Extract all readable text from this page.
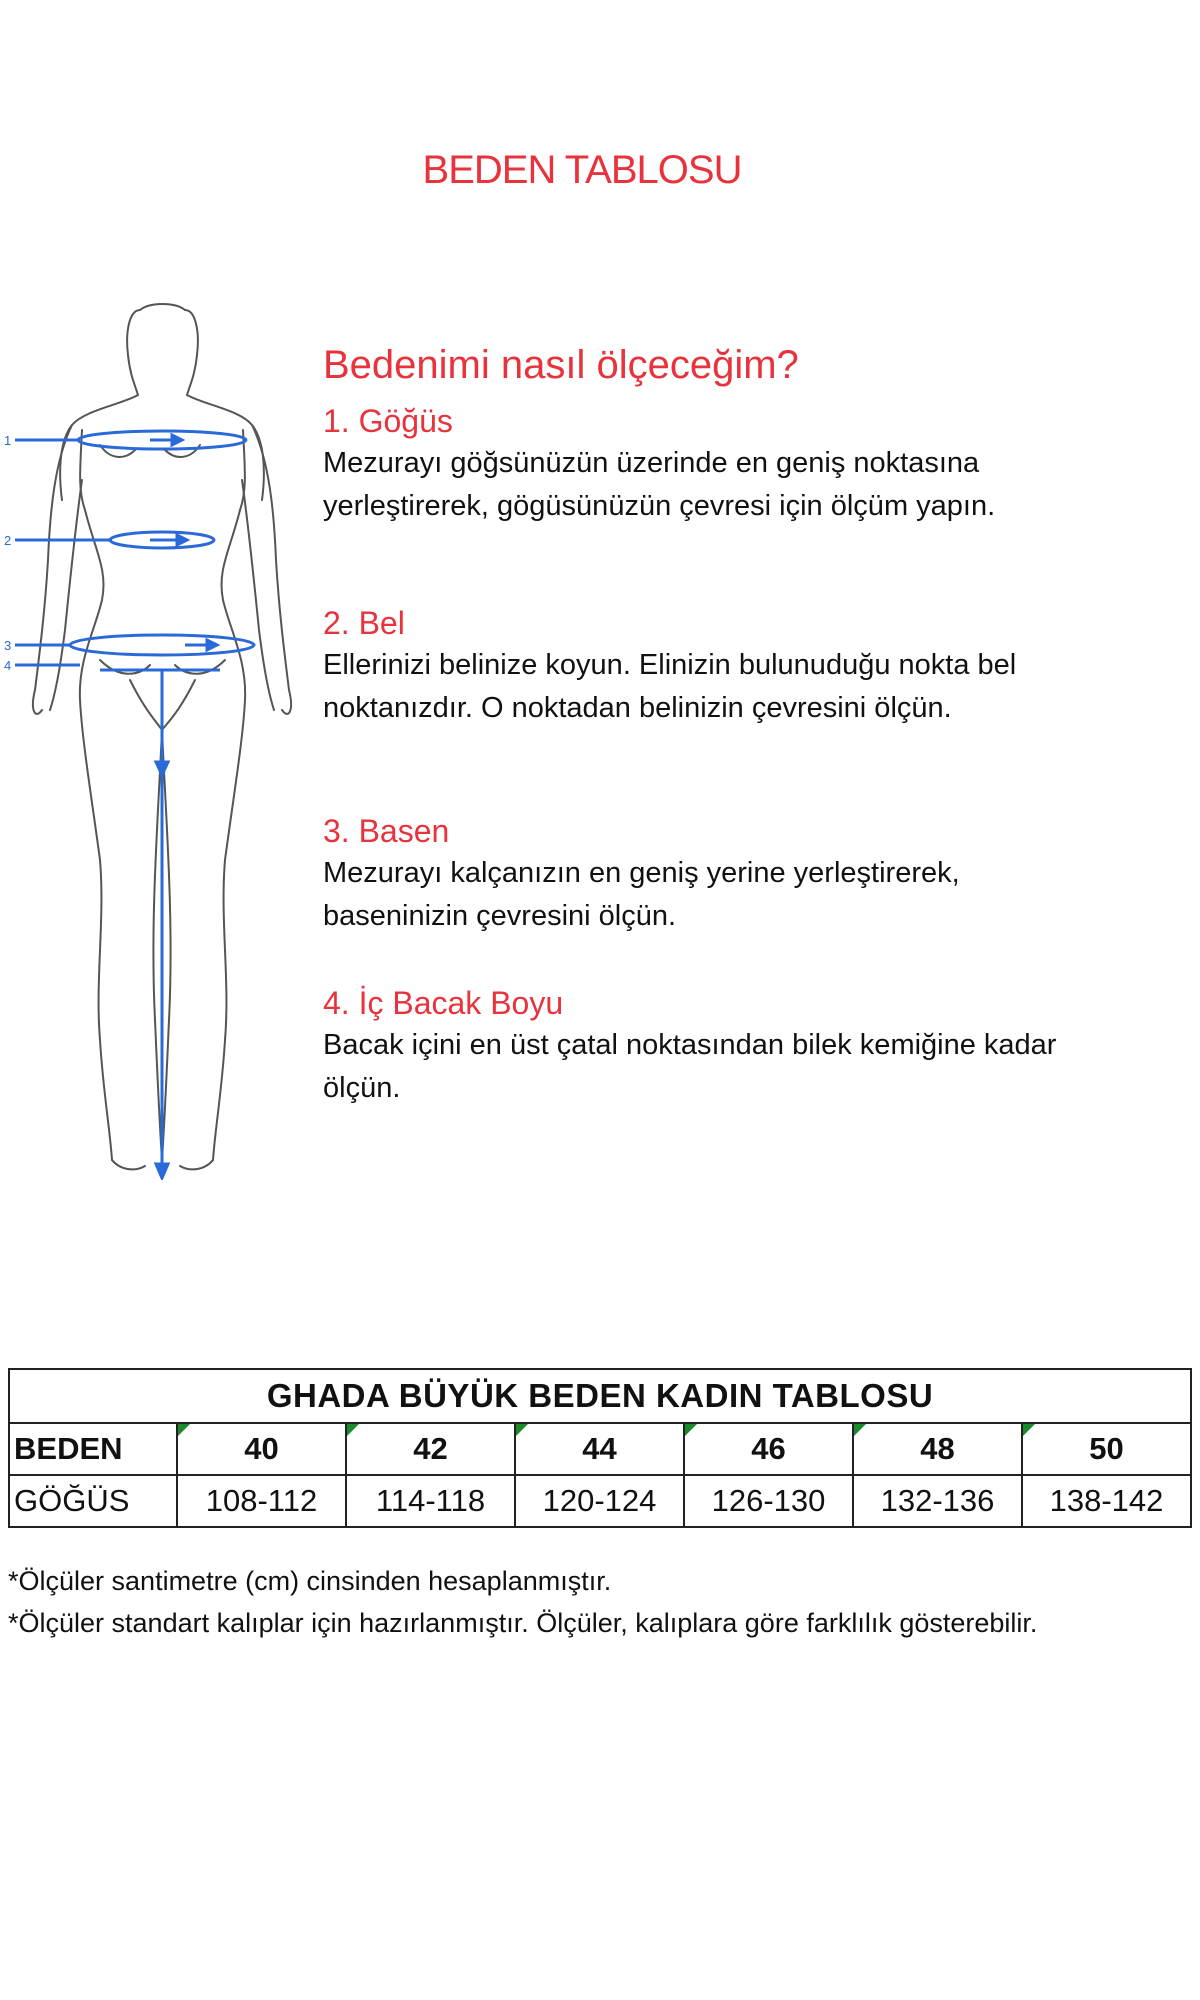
BEDEN TABLOSU
1
2
3
4
Bedenimi nasıl ölçeceğim?

1. Göğüs

Mezurayı göğsünüzün üzerinde en geniş noktasına

yerleştirerek, gögüsünüzün çevresi için ölçüm yapın.

2. Bel

Ellerinizi belinize koyun. Elinizin bulunuduğu nokta bel

noktanızdır. O noktadan belinizin çevresini ölçün.

3. Basen

Mezurayı kalçanızın en geniş yerine yerleştirerek,

baseninizin çevresini ölçün.

4. İç Bacak Boyu

Bacak içini en üst çatal noktasından bilek kemiğine kadar

ölçün.

GHADA BÜYÜK BEDEN KADIN TABLOSU						
BEDEN	40	42	44	46	48	50
GÖĞÜS	108-112	114-118	120-124	126-130	132-136	138-142

*Ölçüler santimetre (cm) cinsinden hesaplanmıştır.

*Ölçüler standart kalıplar için hazırlanmıştır. Ölçüler, kalıplara göre farklılık gösterebilir.
